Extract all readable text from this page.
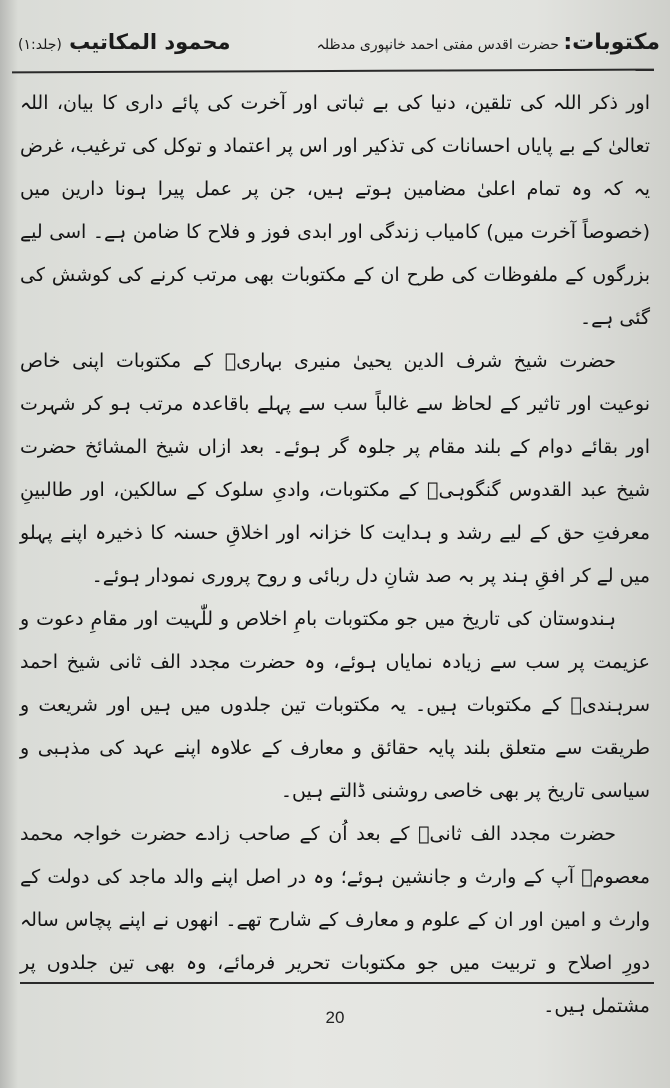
محمود المکاتیب (جلد:۱)	مکتوبات: حضرت اقدس مفتی احمد خانپوری مدظلہ

اور ذکر اللہ کی تلقین، دنیا کی بے ثباتی اور آخرت کی پائے داری کا بیان، اللہ تعالیٰ کے بے پایاں احسانات کی تذکیر اور اس پر اعتماد و توکل کی ترغیب، غرض یہ کہ وہ تمام اعلیٰ مضامین ہوتے ہیں، جن پر عمل پیرا ہونا دارین میں (خصوصاً آخرت میں) کامیاب زندگی اور ابدی فوز و فلاح کا ضامن ہے۔ اسی لیے بزرگوں کے ملفوظات کی طرح ان کے مکتوبات بھی مرتب کرنے کی کوشش کی گئی ہے۔

حضرت شیخ شرف الدین یحییٰ منیری بہاریؒ کے مکتوبات اپنی خاص نوعیت اور تاثیر کے لحاظ سے غالباً سب سے پہلے باقاعدہ مرتب ہو کر شہرت اور بقائے دوام کے بلند مقام پر جلوہ گر ہوئے۔ بعد ازاں شیخ المشائخ حضرت شیخ عبد القدوس گنگوہیؒ کے مکتوبات، وادیِ سلوک کے سالکین، اور طالبینِ معرفتِ حق کے لیے رشد و ہدایت کا خزانہ اور اخلاقِ حسنہ کا ذخیرہ اپنے پہلو میں لے کر افقِ ہند پر بہ صد شانِ دل ربائی و روح پروری نمودار ہوئے۔

ہندوستان کی تاریخ میں جو مکتوبات بامِ اخلاص و للّٰہیت اور مقامِ دعوت و عزیمت پر سب سے زیادہ نمایاں ہوئے، وہ حضرت مجدد الف ثانی شیخ احمد سرہندیؒ کے مکتوبات ہیں۔ یہ مکتوبات تین جلدوں میں ہیں اور شریعت و طریقت سے متعلق بلند پایہ حقائق و معارف کے علاوہ اپنے عہد کی مذہبی و سیاسی تاریخ پر بھی خاصی روشنی ڈالتے ہیں۔

حضرت مجدد الف ثانیؒ کے بعد اُن کے صاحب زادے حضرت خواجہ محمد معصومؒ آپ کے وارث و جانشین ہوئے؛ وہ در اصل اپنے والد ماجد کی دولت کے وارث و امین اور ان کے علوم و معارف کے شارح تھے۔ انھوں نے اپنے پچاس سالہ دورِ اصلاح و تربیت میں جو مکتوبات تحریر فرمائے، وہ بھی تین جلدوں پر مشتمل ہیں۔

20
